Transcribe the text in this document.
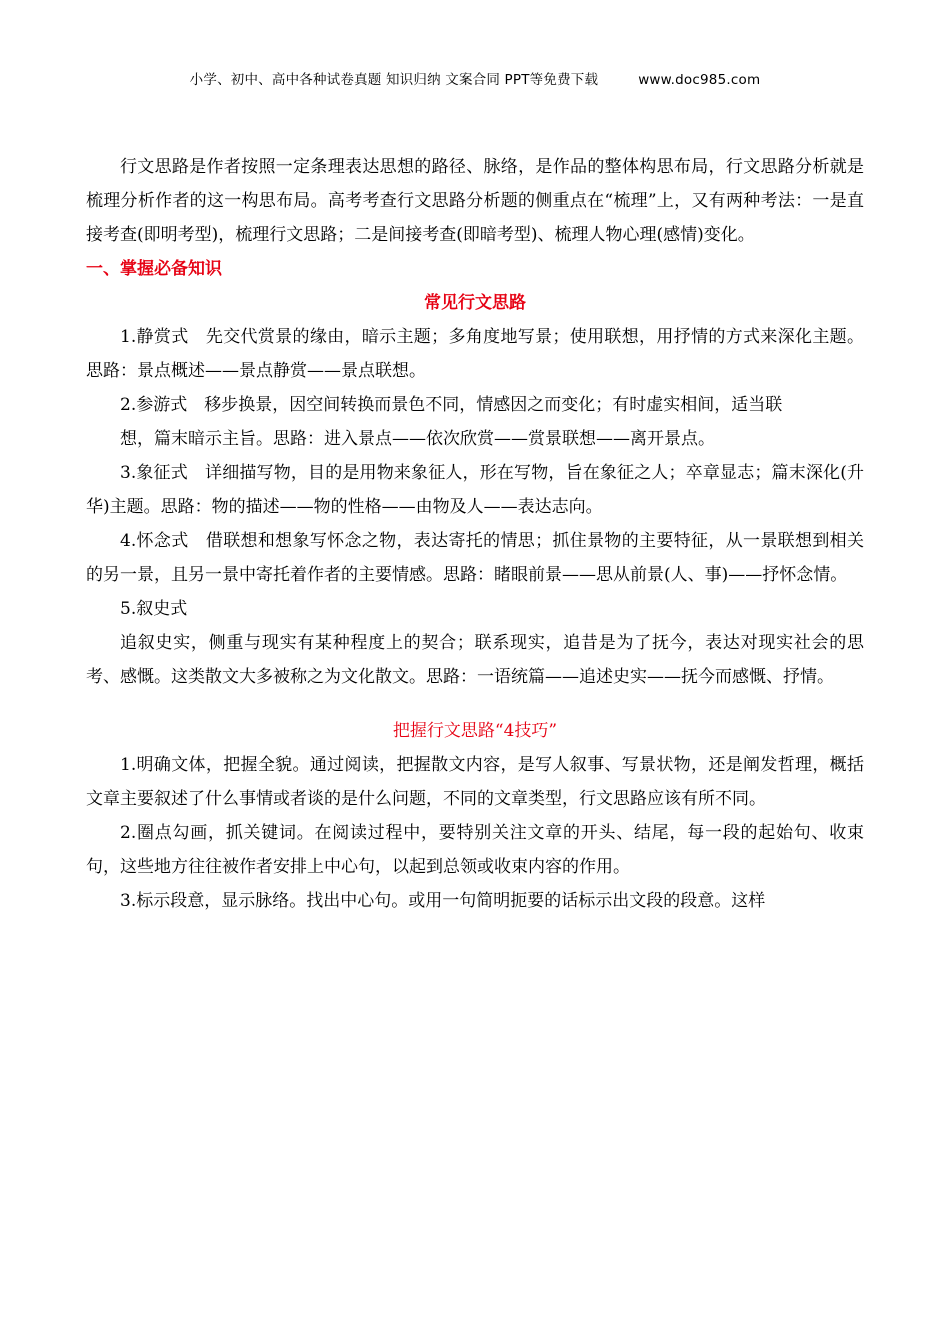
小学、初中、高中各种试卷真题 知识归纳 文案合同 PPT等免费下载	www.doc985.com

行文思路是作者按照一定条理表达思想的路径、脉络，是作品的整体构思布局，行文思路分析就是梳理分析作者的这一构思布局。高考考查行文思路分析题的侧重点在“梳理”上，又有两种考法：一是直接考查(即明考型)，梳理行文思路；二是间接考查(即暗考型)、梳理人物心理(感情)变化。

一、掌握必备知识

常见行文思路

1.静赏式　先交代赏景的缘由，暗示主题；多角度地写景；使用联想，用抒情的方式来深化主题。思路：景点概述——景点静赏——景点联想。

2.参游式　移步换景，因空间转换而景色不同，情感因之而变化；有时虚实相间，适当联

想，篇末暗示主旨。思路：进入景点——依次欣赏——赏景联想——离开景点。

3.象征式　详细描写物，目的是用物来象征人，形在写物，旨在象征之人；卒章显志；篇末深化(升华)主题。思路：物的描述——物的性格——由物及人——表达志向。

4.怀念式　借联想和想象写怀念之物，表达寄托的情思；抓住景物的主要特征，从一景联想到相关的另一景，且另一景中寄托着作者的主要情感。思路：睹眼前景——思从前景(人、事)——抒怀念情。

5.叙史式

追叙史实，侧重与现实有某种程度上的契合；联系现实，追昔是为了抚今，表达对现实社会的思考、感慨。这类散文大多被称之为文化散文。思路：一语统篇——追述史实——抚今而感慨、抒情。

把握行文思路“4技巧”

1.明确文体，把握全貌。通过阅读，把握散文内容，是写人叙事、写景状物，还是阐发哲理，概括文章主要叙述了什么事情或者谈的是什么问题，不同的文章类型，行文思路应该有所不同。

2.圈点勾画，抓关键词。在阅读过程中，要特别关注文章的开头、结尾，每一段的起始句、收束句，这些地方往往被作者安排上中心句，以起到总领或收束内容的作用。

3.标示段意，显示脉络。找出中心句。或用一句简明扼要的话标示出文段的段意。这样
